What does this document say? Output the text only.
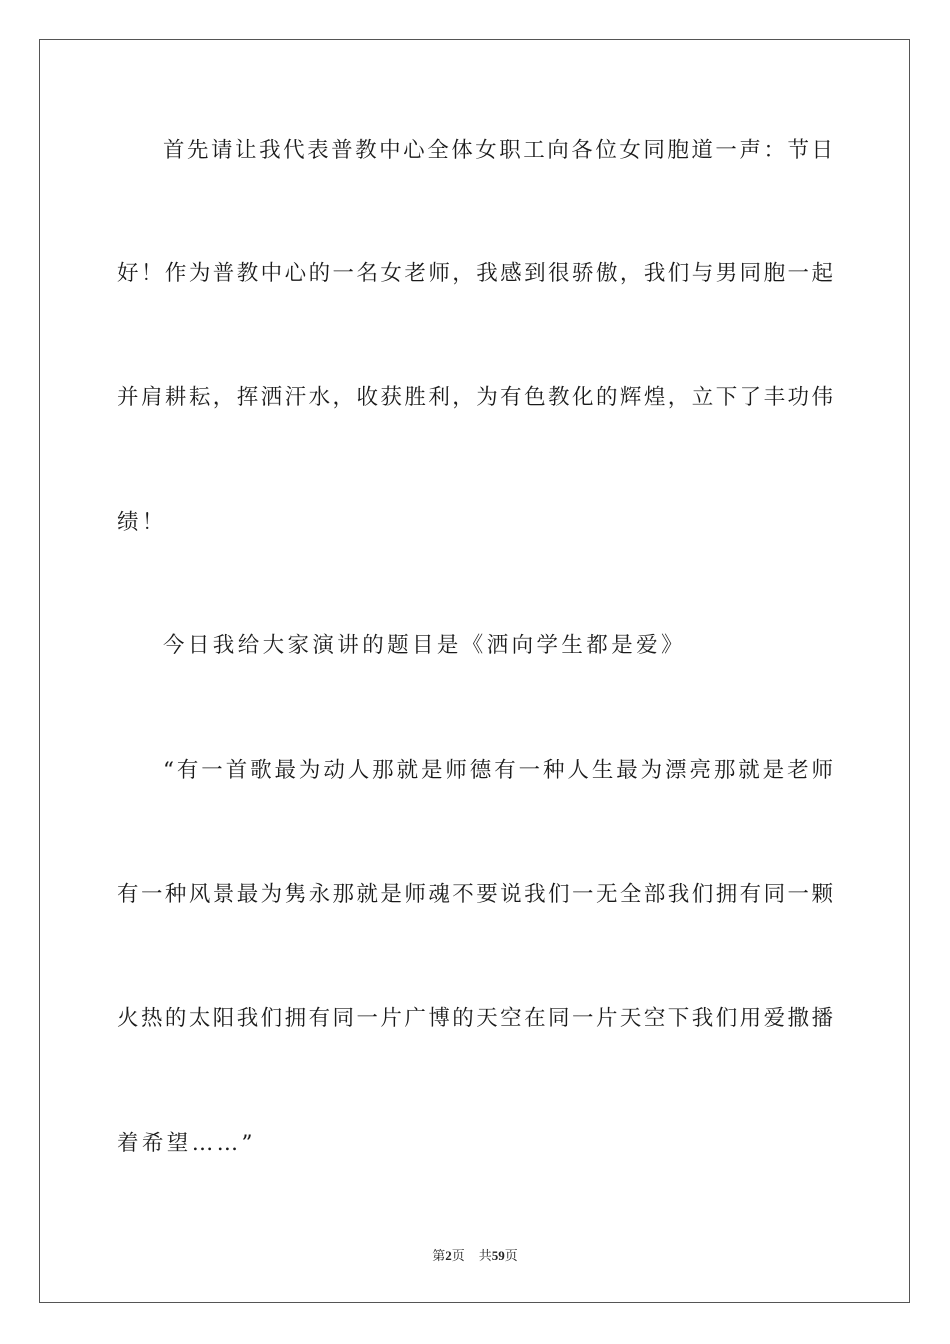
首先请让我代表普教中心全体女职工向各位女同胞道一声：节日
好！作为普教中心的一名女老师，我感到很骄傲，我们与男同胞一起
并肩耕耘，挥洒汗水，收获胜利，为有色教化的辉煌，立下了丰功伟
绩！
今日我给大家演讲的题目是《洒向学生都是爱》
“有一首歌最为动人那就是师德有一种人生最为漂亮那就是老师
有一种风景最为隽永那就是师魂不要说我们一无全部我们拥有同一颗
火热的太阳我们拥有同一片广博的天空在同一片天空下我们用爱撒播
着希望……”
第2页 共59页
